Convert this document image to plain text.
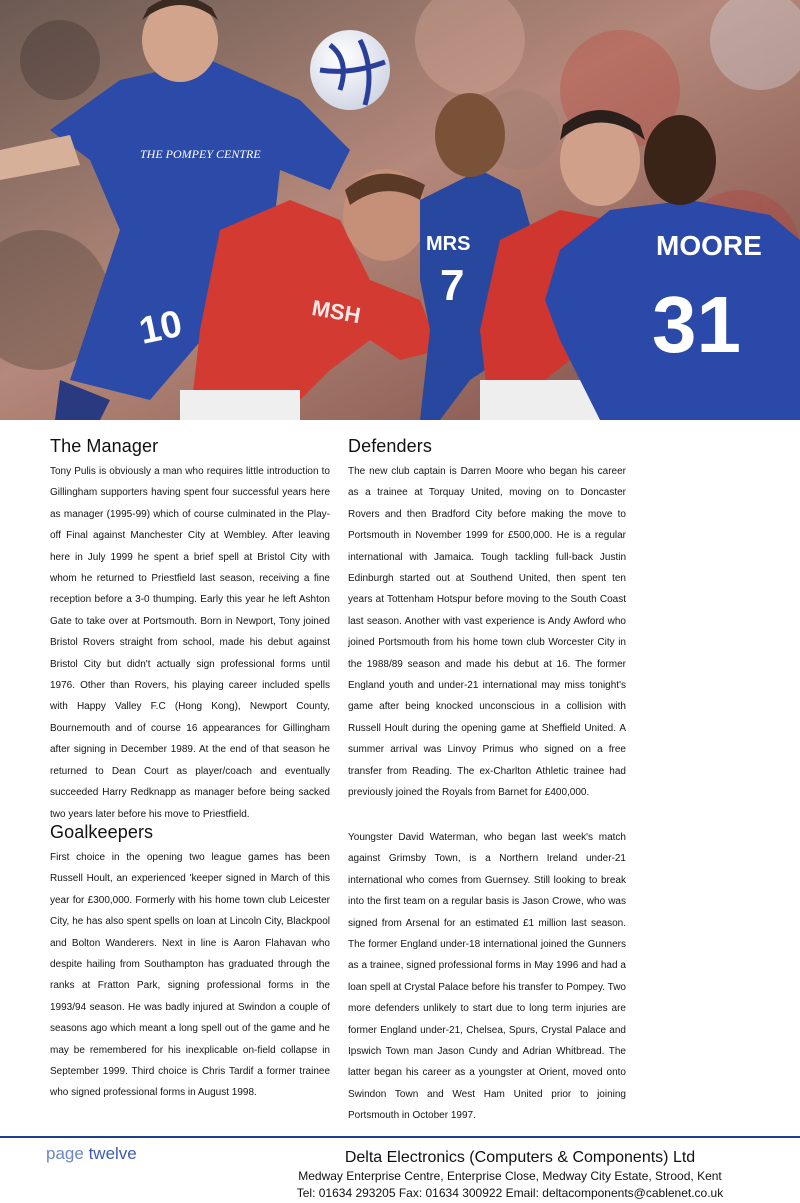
10
THE POMPEY CENTRE
MSH
MRS
7
MOORE
31
The Manager

Tony Pulis is obviously a man who requires little introduction to Gillingham supporters having spent four successful years here as manager (1995-99) which of course culminated in the Play-off Final against Manchester City at Wembley. After leaving here in July 1999 he spent a brief spell at Bristol City with whom he returned to Priestfield last season, receiving a fine reception before a 3-0 thumping. Early this year he left Ashton Gate to take over at Portsmouth. Born in Newport, Tony joined Bristol Rovers straight from school, made his debut against Bristol City but didn't actually sign professional forms until 1976. Other than Rovers, his playing career included spells with Happy Valley F.C (Hong Kong), Newport County, Bournemouth and of course 16 appearances for Gillingham after signing in December 1989. At the end of that season he returned to Dean Court as player/coach and eventually succeeded Harry Redknapp as manager before being sacked two years later before his move to Priestfield.

Goalkeepers

First choice in the opening two league games has been Russell Hoult, an experienced 'keeper signed in March of this year for £300,000. Formerly with his home town club Leicester City, he has also spent spells on loan at Lincoln City, Blackpool and Bolton Wanderers. Next in line is Aaron Flahavan who despite hailing from Southampton has graduated through the ranks at Fratton Park, signing professional forms in the 1993/94 season. He was badly injured at Swindon a couple of seasons ago which meant a long spell out of the game and he may be remembered for his inexplicable on-field collapse in September 1999. Third choice is Chris Tardif a former trainee who signed professional forms in August 1998.

Defenders

The new club captain is Darren Moore who began his career as a trainee at Torquay United, moving on to Doncaster Rovers and then Bradford City before making the move to Portsmouth in November 1999 for £500,000. He is a regular international with Jamaica. Tough tackling full-back Justin Edinburgh started out at Southend United, then spent ten years at Tottenham Hotspur before moving to the South Coast last season. Another with vast experience is Andy Awford who joined Portsmouth from his home town club Worcester City in the 1988/89 season and made his debut at 16. The former England youth and under-21 international may miss tonight's game after being knocked unconscious in a collision with Russell Hoult during the opening game at Sheffield United. A summer arrival was Linvoy Primus who signed on a free transfer from Reading. The ex-Charlton Athletic trainee had previously joined the Royals from Barnet for £400,000.

Youngster David Waterman, who began last week's match against Grimsby Town, is a Northern Ireland under-21 international who comes from Guernsey. Still looking to break into the first team on a regular basis is Jason Crowe, who was signed from Arsenal for an estimated £1 million last season. The former England under-18 international joined the Gunners as a trainee, signed professional forms in May 1996 and had a loan spell at Crystal Palace before his transfer to Pompey. Two more defenders unlikely to start due to long term injuries are former England under-21, Chelsea, Spurs, Crystal Palace and Ipswich Town man Jason Cundy and Adrian Whitbread. The latter began his career as a youngster at Orient, moved onto Swindon Town and West Ham United prior to joining Portsmouth in October 1997.

page twelve	Delta Electronics (Computers & Components) Ltd
Medway Enterprise Centre, Enterprise Close, Medway City Estate, Strood, Kent
Tel: 01634 293205 Fax: 01634 300922 Email: deltacomponents@cablenet.co.uk
